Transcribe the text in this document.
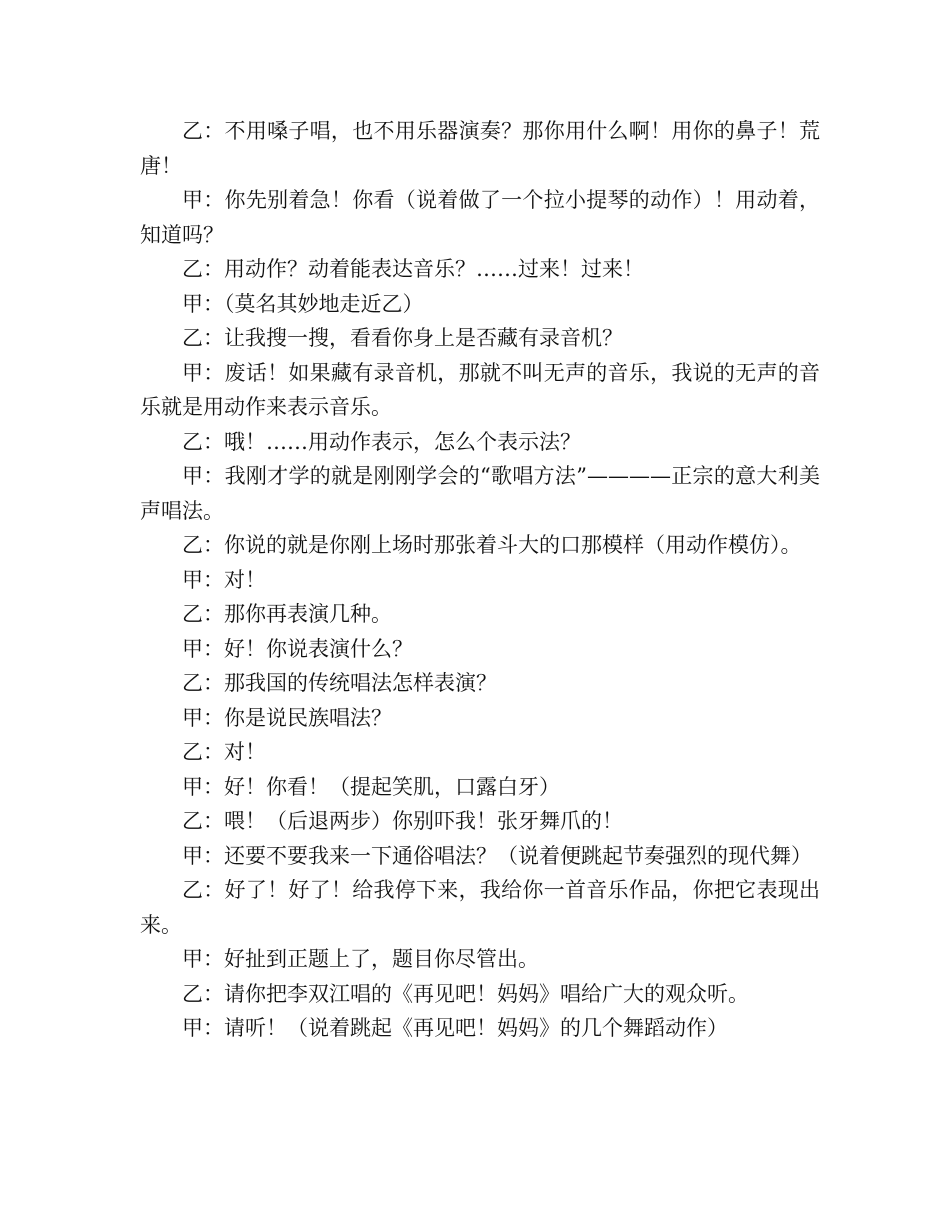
乙：不用嗓子唱，也不用乐器演奏？那你用什么啊！用你的鼻子！荒唐！

甲：你先别着急！你看（说着做了一个拉小提琴的动作）！用动着，知道吗？

乙：用动作？动着能表达音乐？……过来！过来！

甲：（莫名其妙地走近乙）

乙：让我搜一搜，看看你身上是否藏有录音机？

甲：废话！如果藏有录音机，那就不叫无声的音乐，我说的无声的音乐就是用动作来表示音乐。

乙：哦！……用动作表示，怎么个表示法？

甲：我刚才学的就是刚刚学会的“歌唱方法”————正宗的意大利美声唱法。

乙：你说的就是你刚上场时那张着斗大的口那模样（用动作模仿）。

甲：对！

乙：那你再表演几种。

甲：好！你说表演什么？

乙：那我国的传统唱法怎样表演？

甲：你是说民族唱法？

乙：对！

甲：好！你看！（提起笑肌，口露白牙）

乙：喂！（后退两步）你别吓我！张牙舞爪的！

甲：还要不要我来一下通俗唱法？（说着便跳起节奏强烈的现代舞）

乙：好了！好了！给我停下来，我给你一首音乐作品，你把它表现出来。

甲：好扯到正题上了，题目你尽管出。

乙：请你把李双江唱的《再见吧！妈妈》唱给广大的观众听。

甲：请听！（说着跳起《再见吧！妈妈》的几个舞蹈动作）
